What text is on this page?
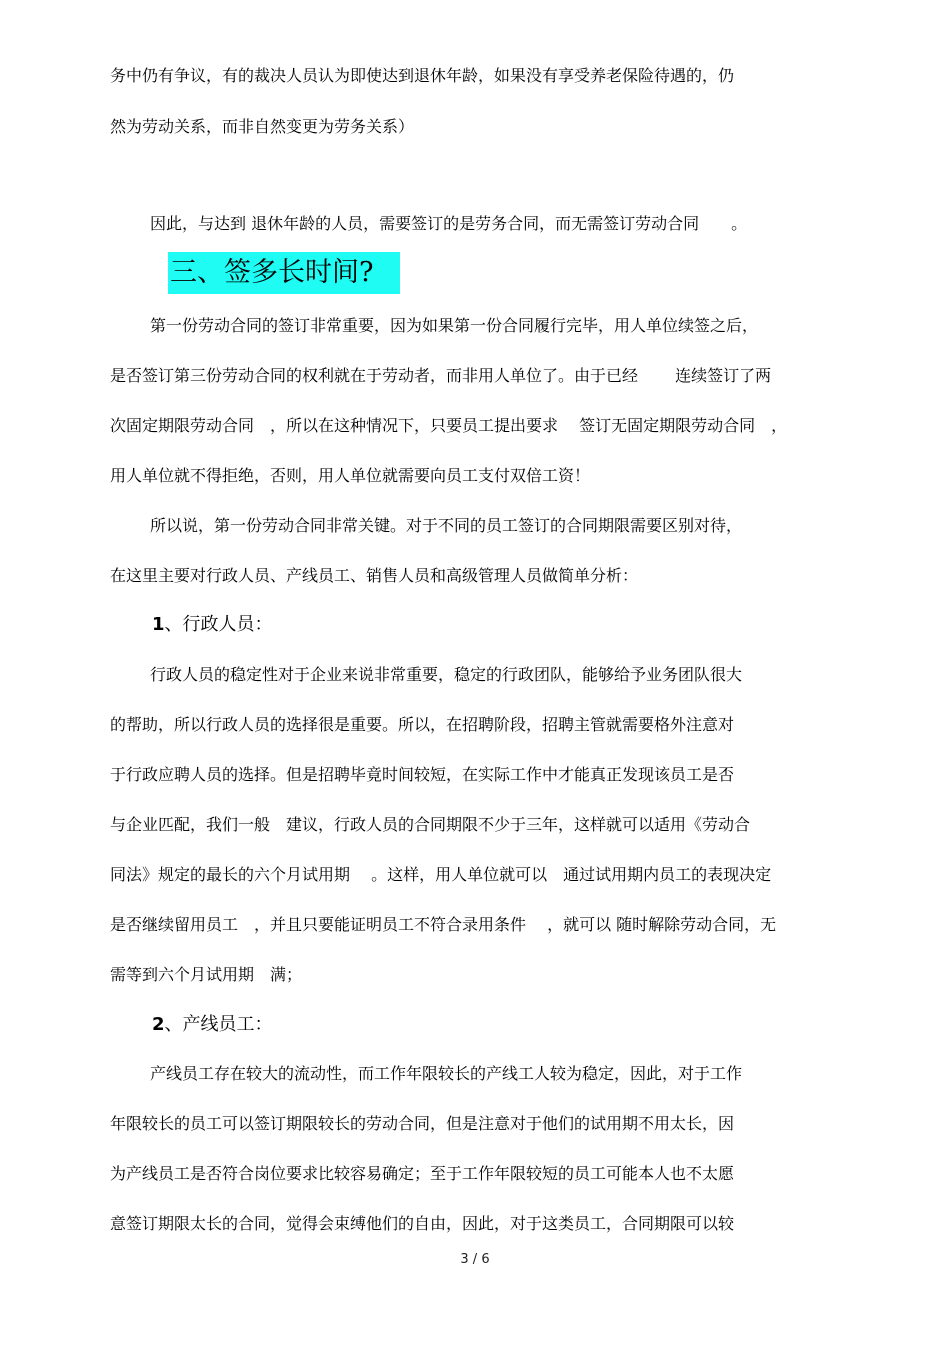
务中仍有争议，有的裁决人员认为即使达到退休年龄，如果没有享受养老保险待遇的，仍
然为劳动关系，而非自然变更为劳务关系）
因此，与达到 退休年龄的人员，需要签订的是劳务合同，而无需签订劳动合同　　。
三、签多长时间?
第一份劳动合同的签订非常重要，因为如果第一份合同履行完毕，用人单位续签之后，
是否签订第三份劳动合同的权利就在于劳动者，而非用人单位了。由于已经　　 连续签订了两
次固定期限劳动合同　，所以在这种情况下，只要员工提出要求　 签订无固定期限劳动合同　，
用人单位就不得拒绝，否则，用人单位就需要向员工支付双倍工资！
所以说，第一份劳动合同非常关键。对于不同的员工签订的合同期限需要区别对待，
在这里主要对行政人员、产线员工、销售人员和高级管理人员做简单分析：
1、行政人员：
行政人员的稳定性对于企业来说非常重要，稳定的行政团队，能够给予业务团队很大
的帮助，所以行政人员的选择很是重要。所以，在招聘阶段，招聘主管就需要格外注意对
于行政应聘人员的选择。但是招聘毕竟时间较短，在实际工作中才能真正发现该员工是否
与企业匹配，我们一般　建议，行政人员的合同期限不少于三年，这样就可以适用《劳动合
同法》规定的最长的六个月试用期　 。这样，用人单位就可以　通过试用期内员工的表现决定
是否继续留用员工　，并且只要能证明员工不符合录用条件　 ，就可以 随时解除劳动合同，无
需等到六个月试用期　满；
2、产线员工：
产线员工存在较大的流动性，而工作年限较长的产线工人较为稳定，因此，对于工作
年限较长的员工可以签订期限较长的劳动合同，但是注意对于他们的试用期不用太长，因
为产线员工是否符合岗位要求比较容易确定；至于工作年限较短的员工可能本人也不太愿
意签订期限太长的合同，觉得会束缚他们的自由，因此，对于这类员工，合同期限可以较
3 / 6
